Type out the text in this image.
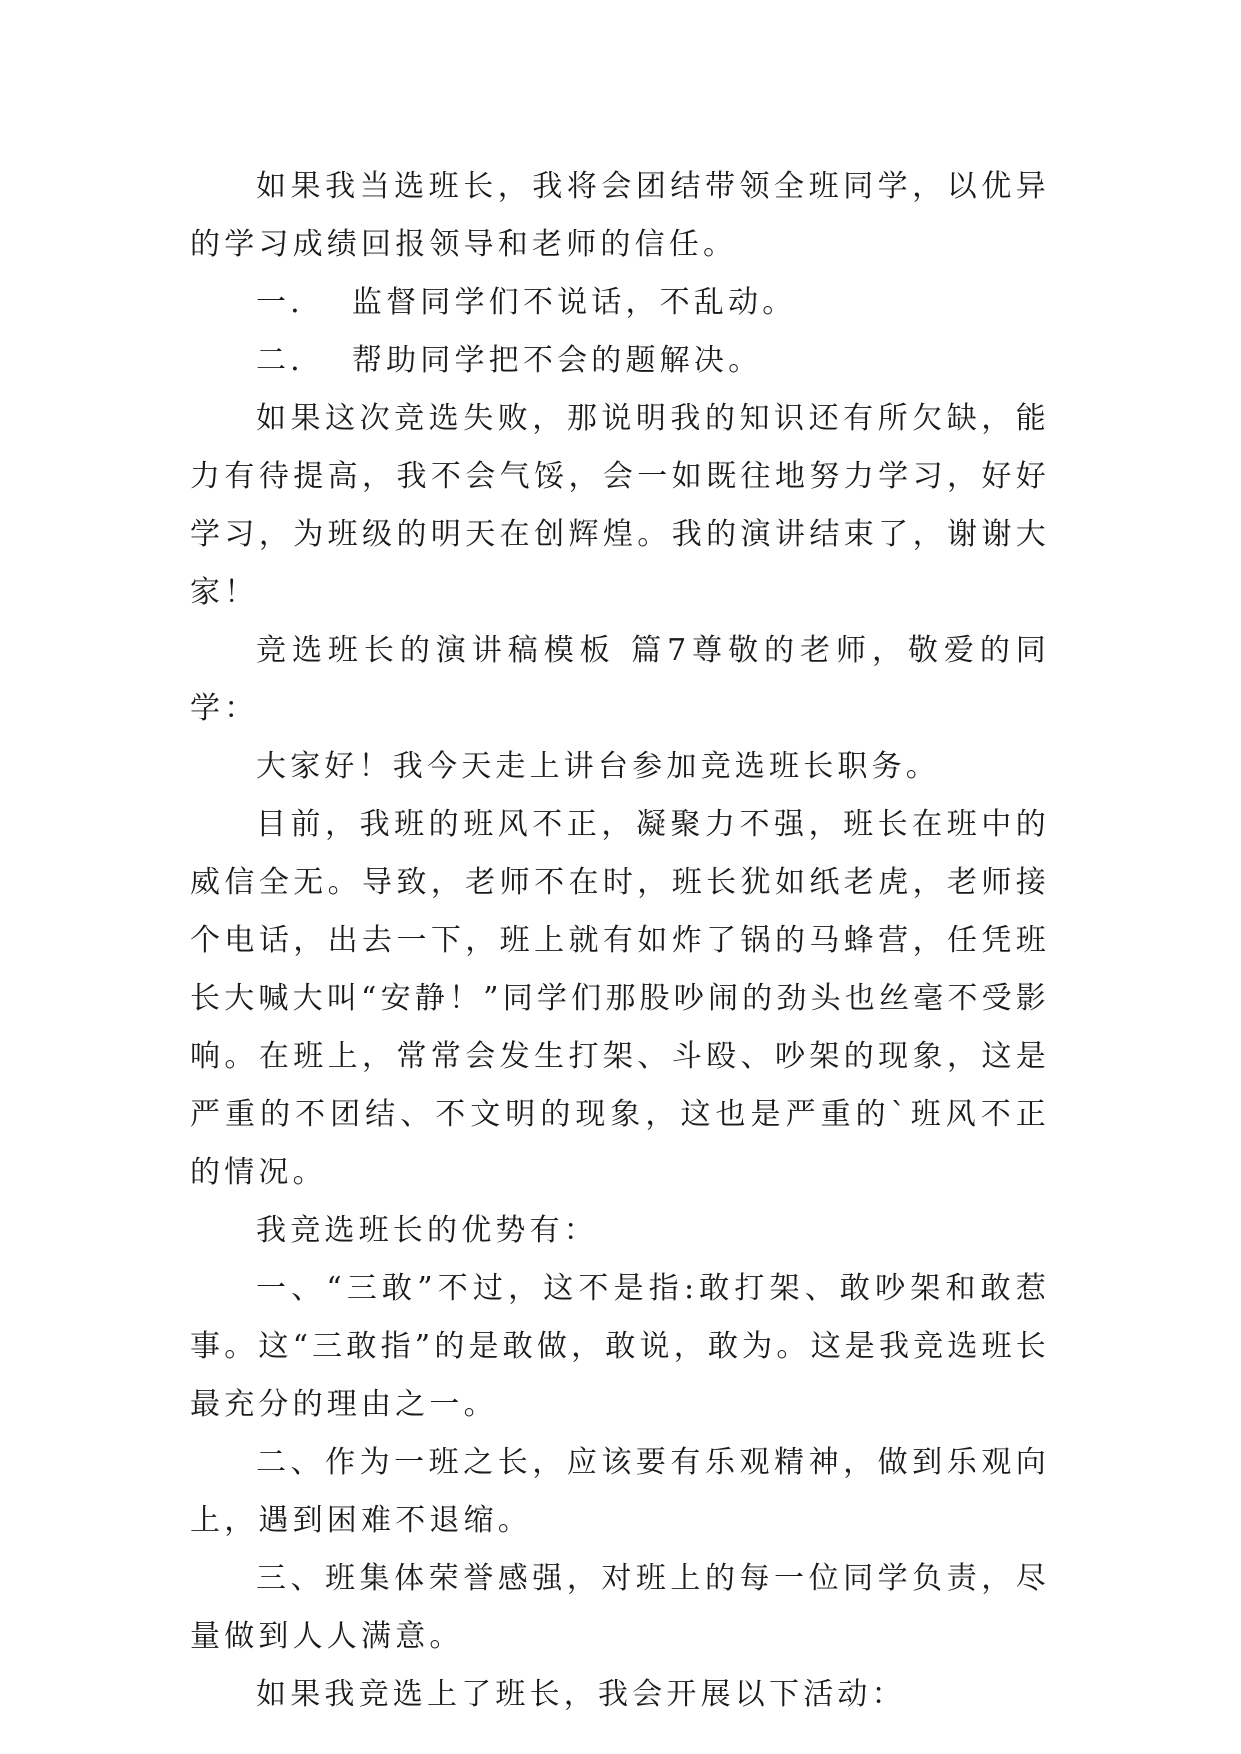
如果我当选班长，我将会团结带领全班同学，以优异的学习成绩回报领导和老师的信任。

一．  监督同学们不说话，不乱动。

二．  帮助同学把不会的题解决。

如果这次竞选失败，那说明我的知识还有所欠缺，能力有待提高，我不会气馁，会一如既往地努力学习，好好学习，为班级的明天在创辉煌。我的演讲结束了，谢谢大家！

竞选班长的演讲稿模板 篇7尊敬的老师，敬爱的同学：

大家好！我今天走上讲台参加竞选班长职务。

目前，我班的班风不正，凝聚力不强，班长在班中的威信全无。导致，老师不在时，班长犹如纸老虎，老师接个电话，出去一下，班上就有如炸了锅的马蜂营，任凭班长大喊大叫“安静！”同学们那股吵闹的劲头也丝毫不受影响。在班上，常常会发生打架、斗殴、吵架的现象，这是严重的不团结、不文明的现象，这也是严重的`班风不正的情况。

我竞选班长的优势有：

一、“三敢”不过，这不是指:敢打架、敢吵架和敢惹事。这“三敢指”的是敢做，敢说，敢为。这是我竞选班长最充分的理由之一。

二、作为一班之长，应该要有乐观精神，做到乐观向上，遇到困难不退缩。

三、班集体荣誉感强，对班上的每一位同学负责，尽量做到人人满意。

如果我竞选上了班长，我会开展以下活动：
